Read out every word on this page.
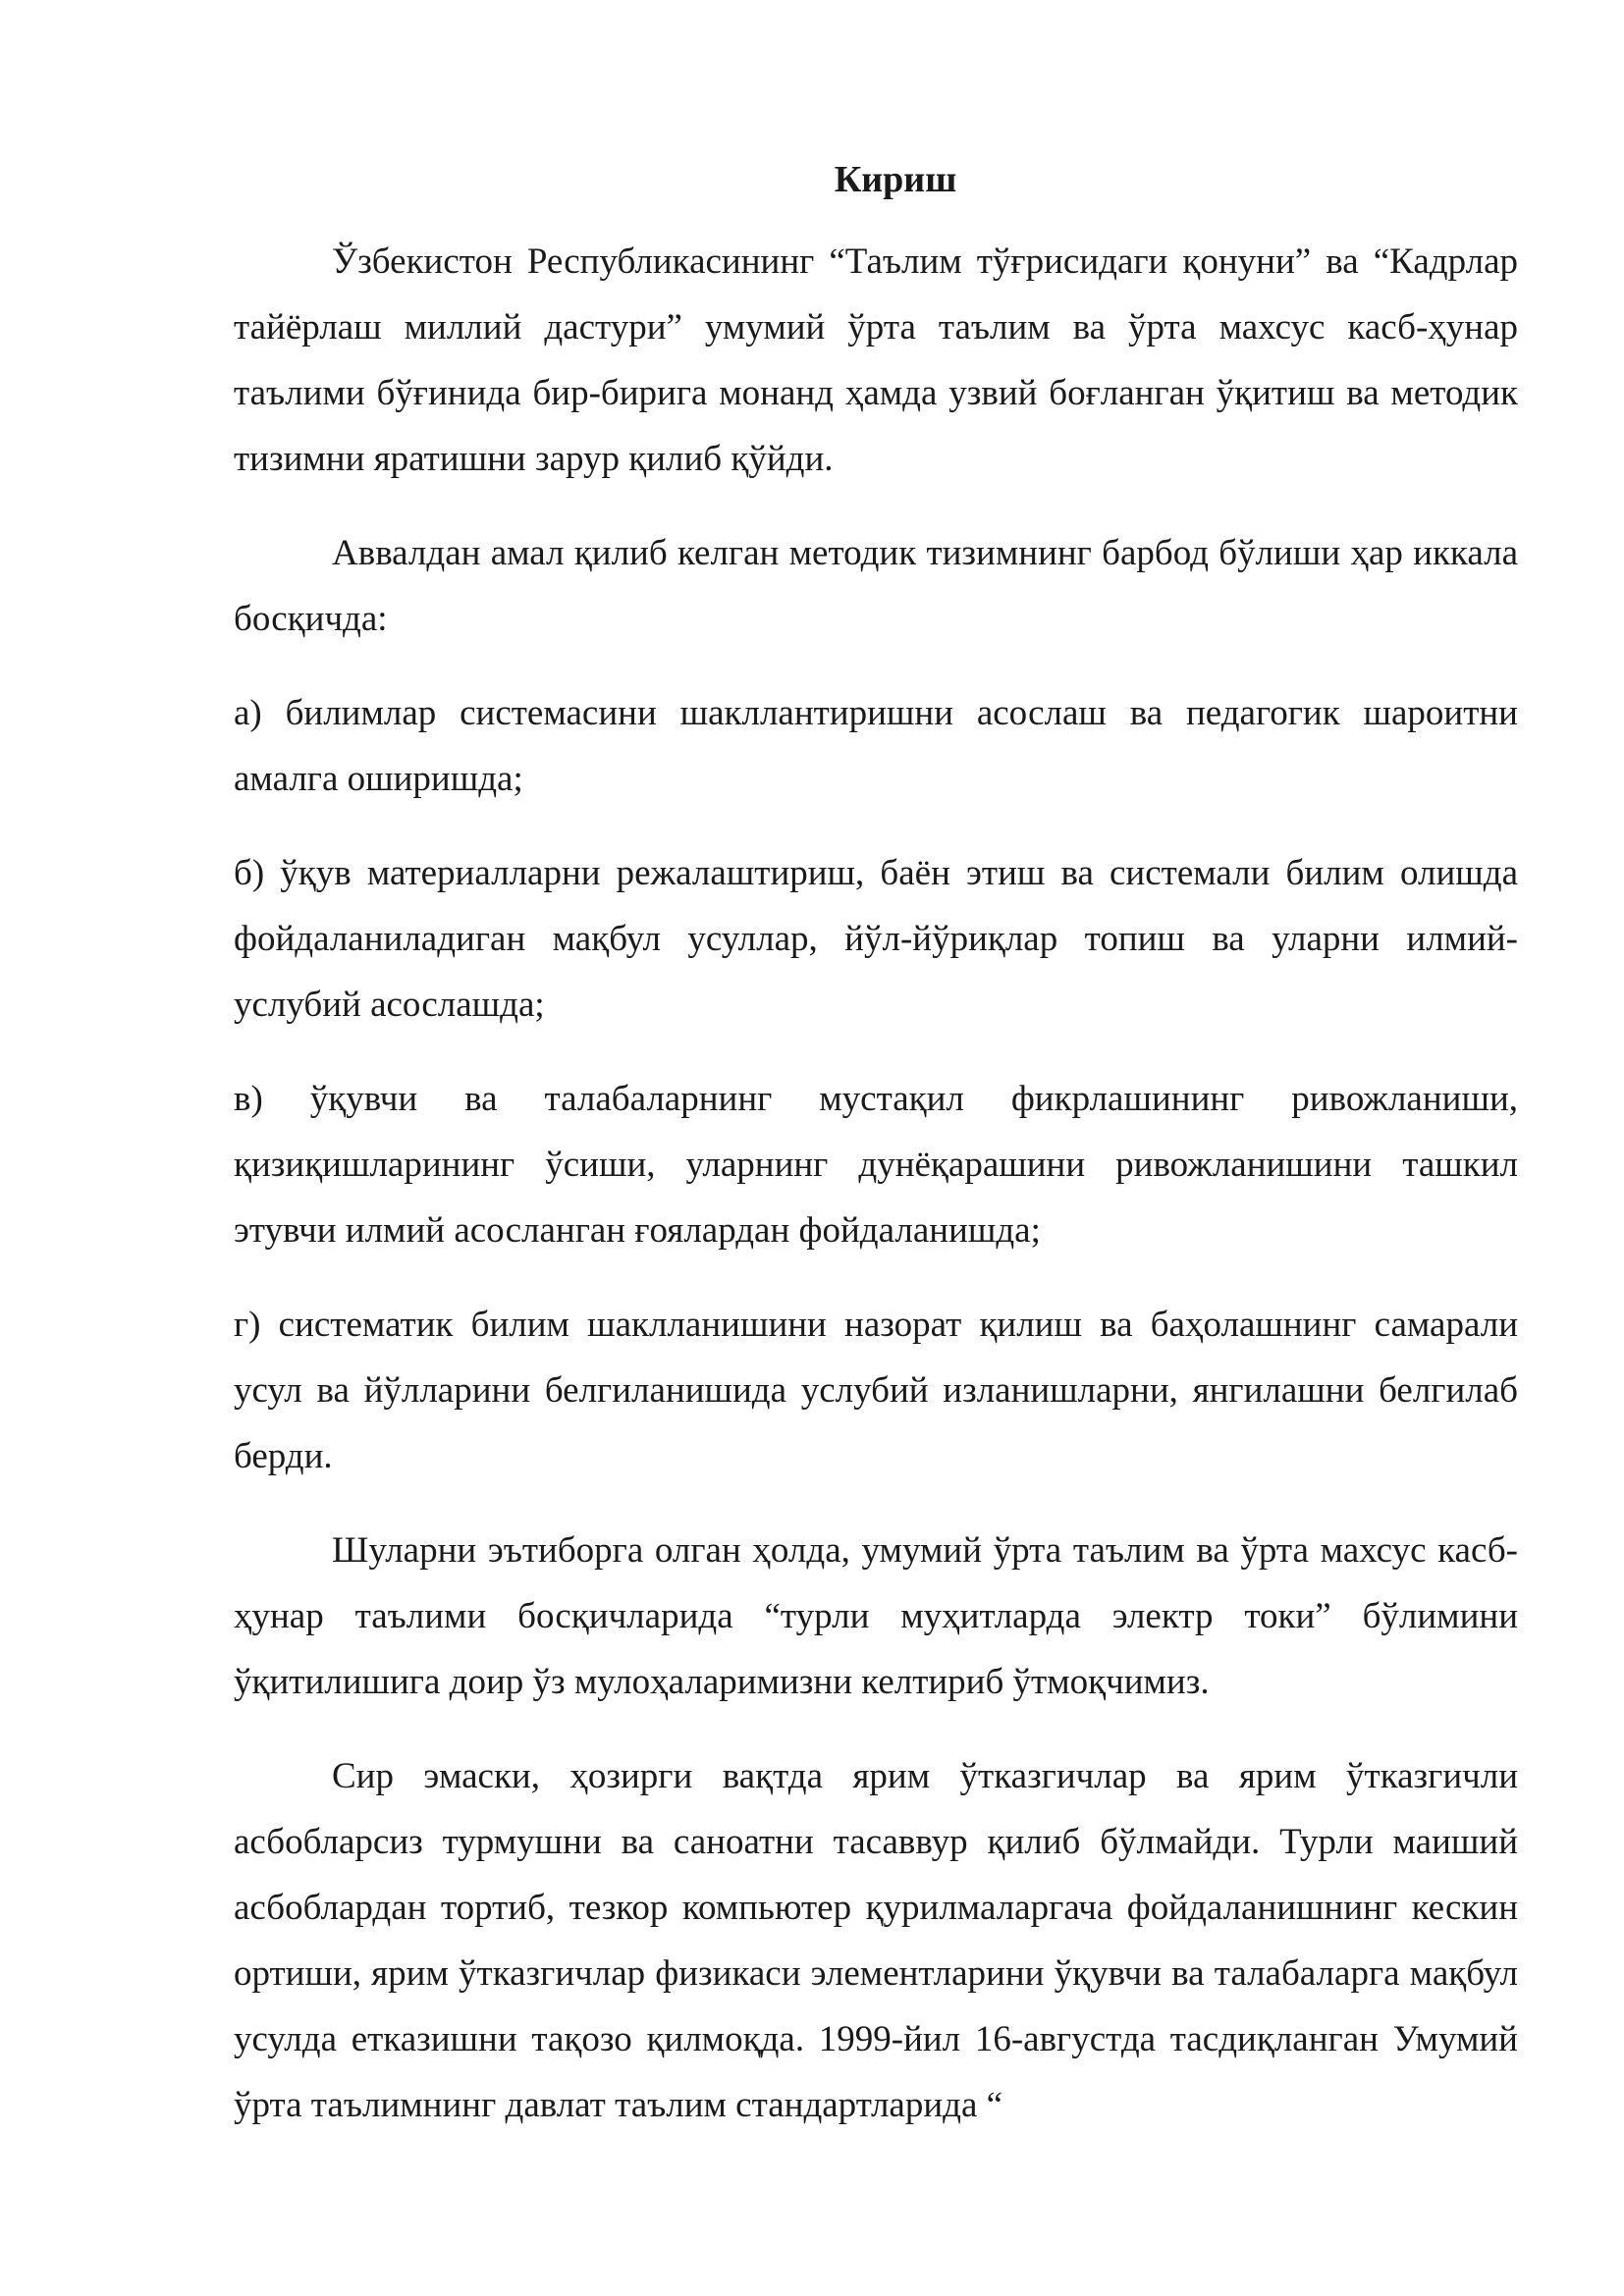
Кириш

Ўзбекистон Республикасининг “Таълим тўғрисидаги қонуни” ва “Кадрлар тайёрлаш миллий дастури” умумий ўрта таълим ва ўрта махсус касб-ҳунар таълими бўғинида бир-бирига монанд ҳамда узвий боғланган ўқитиш ва методик тизимни яратишни зарур қилиб қўйди.

Аввалдан амал қилиб келган методик тизимнинг барбод бўлиши ҳар иккала босқичда:

а) билимлар системасини шакллантиришни асослаш ва педагогик шароитни амалга оширишда;

б) ўқув материалларни режалаштириш, баён этиш ва системали билим олишда фойдаланиладиган мақбул усуллар, йўл-йўриқлар топиш ва уларни илмий-услубий асослашда;

в) ўқувчи ва талабаларнинг мустақил фикрлашининг ривожланиши, қизиқишларининг ўсиши, уларнинг дунёқарашини ривожланишини ташкил этувчи илмий асосланган ғоялардан фойдаланишда;

г) систематик билим шаклланишини назорат қилиш ва баҳолашнинг самарали усул ва йўлларини белгиланишида услубий изланишларни, янгилашни белгилаб берди.

Шуларни эътиборга олган ҳолда, умумий ўрта таълим ва ўрта махсус касб-ҳунар таълими босқичларида “турли муҳитларда электр токи” бўлимини ўқитилишига доир ўз мулоҳаларимизни келтириб ўтмоқчимиз.

Сир эмаски, ҳозирги вақтда ярим ўтказгичлар ва ярим ўтказгичли асбобларсиз турмушни ва саноатни тасаввур қилиб бўлмайди. Турли маиший асбоблардан тортиб, тезкор компьютер қурилмаларгача фойдаланишнинг кескин ортиши, ярим ўтказгичлар физикаси элементларини ўқувчи ва талабаларга мақбул усулда етказишни тақозо қилмоқда. 1999-йил 16-августда тасдиқланган Умумий ўрта таълимнинг давлат таълим стандартларида “
